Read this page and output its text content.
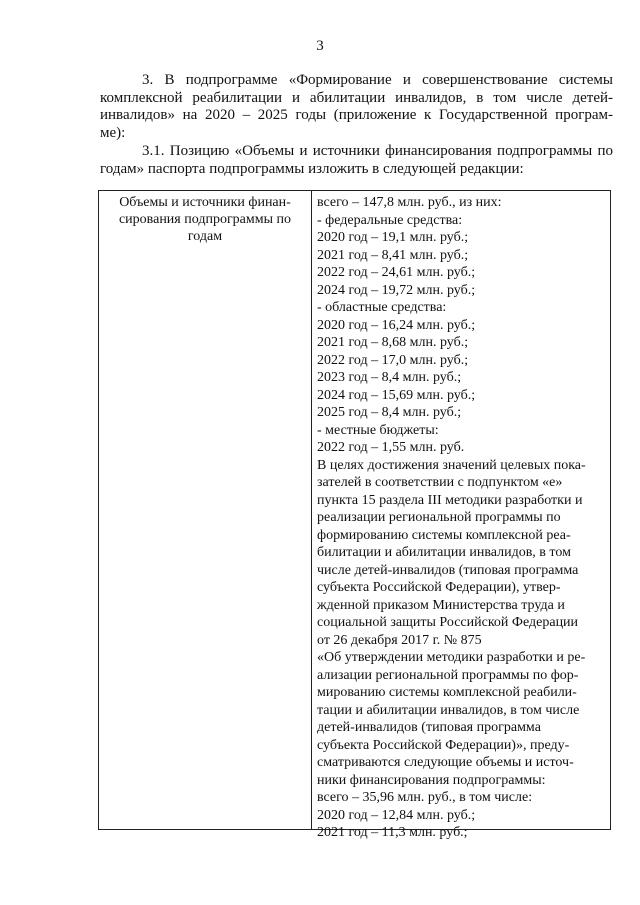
3
3. В подпрограмме «Формирование и совершенствование системы
комплексной реабилитации и абилитации инвалидов, в том числе детей-
инвалидов» на 2020 – 2025 годы (приложение к Государственной програм-
ме):
3.1. Позицию «Объемы и источники финансирования подпрограммы по
годам» паспорта подпрограммы изложить в следующей редакции:
Объемы и источники финан-
сирования подпрограммы по
годам
всего – 147,8 млн. руб., из них:
- федеральные средства:
2020 год – 19,1 млн. руб.;
2021 год – 8,41 млн. руб.;
2022 год – 24,61 млн. руб.;
2024 год – 19,72 млн. руб.;
- областные средства:
2020 год – 16,24 млн. руб.;
2021 год – 8,68 млн. руб.;
2022 год – 17,0 млн. руб.;
2023 год – 8,4 млн. руб.;
2024 год – 15,69 млн. руб.;
2025 год – 8,4 млн. руб.;
- местные бюджеты:
2022 год – 1,55 млн. руб.
В целях достижения значений целевых пока-
зателей в соответствии с подпунктом «е»
пункта 15 раздела III методики разработки и
реализации региональной программы по
формированию системы комплексной реа-
билитации и абилитации инвалидов, в том
числе детей-инвалидов (типовая программа
субъекта Российской Федерации), утвер-
жденной приказом Министерства труда и
социальной защиты Российской Федерации
от 26 декабря 2017 г. № 875
«Об утверждении методики разработки и ре-
ализации региональной программы по фор-
мированию системы комплексной реабили-
тации и абилитации инвалидов, в том числе
детей-инвалидов (типовая программа
субъекта Российской Федерации)», преду-
сматриваются следующие объемы и источ-
ники финансирования подпрограммы:
всего – 35,96 млн. руб., в том числе:
2020 год – 12,84 млн. руб.;
2021 год – 11,3 млн. руб.;
